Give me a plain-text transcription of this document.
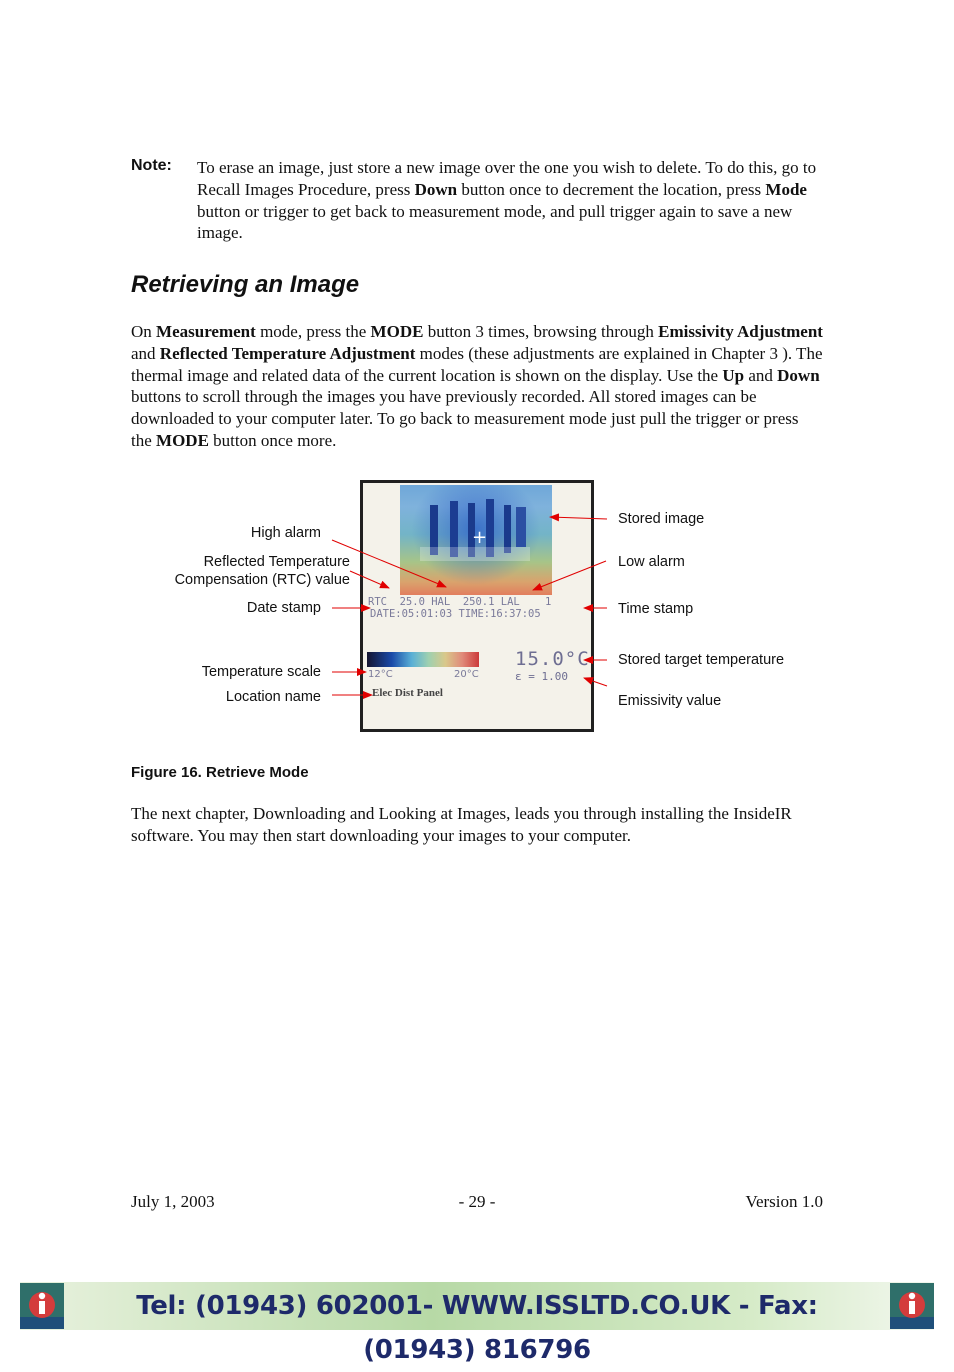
Note: To erase an image, just store a new image over the one you wish to delete. To do this, go to Recall Images Procedure, press Down button once to decrement the location, press Mode button or trigger to get back to measurement mode, and pull trigger again to save a new image.
Retrieving an Image
On Measurement mode, press the MODE button 3 times, browsing through Emissivity Adjustment and Reflected Temperature Adjustment modes (these adjustments are explained in Chapter 3 ). The thermal image and related data of the current location is shown on the display. Use the Up and Down buttons to scroll through the images you have previously recorded. All stored images can be downloaded to your computer later. To go back to measurement mode just pull the trigger or press the MODE button once more.
+
RTC  25.0 HAL  250.1 LAL    1
DATE:05:01:03 TIME:16:37:05
12°C	20°C
15.0°C
ε = 1.00
Elec Dist Panel
High alarm
Reflected Temperature
Compensation (RTC) value
Date stamp
Temperature scale
Location name
Stored image
Low alarm
Time stamp
Stored target temperature
Emissivity value
Figure 16. Retrieve Mode
The next chapter, Downloading and Looking at Images, leads you through installing the InsideIR software. You may then start downloading your images to your computer.
July 1, 2003	- 29 -	Version 1.0
Tel: (01943) 602001- WWW.ISSLTD.CO.UK - Fax: (01943) 816796
